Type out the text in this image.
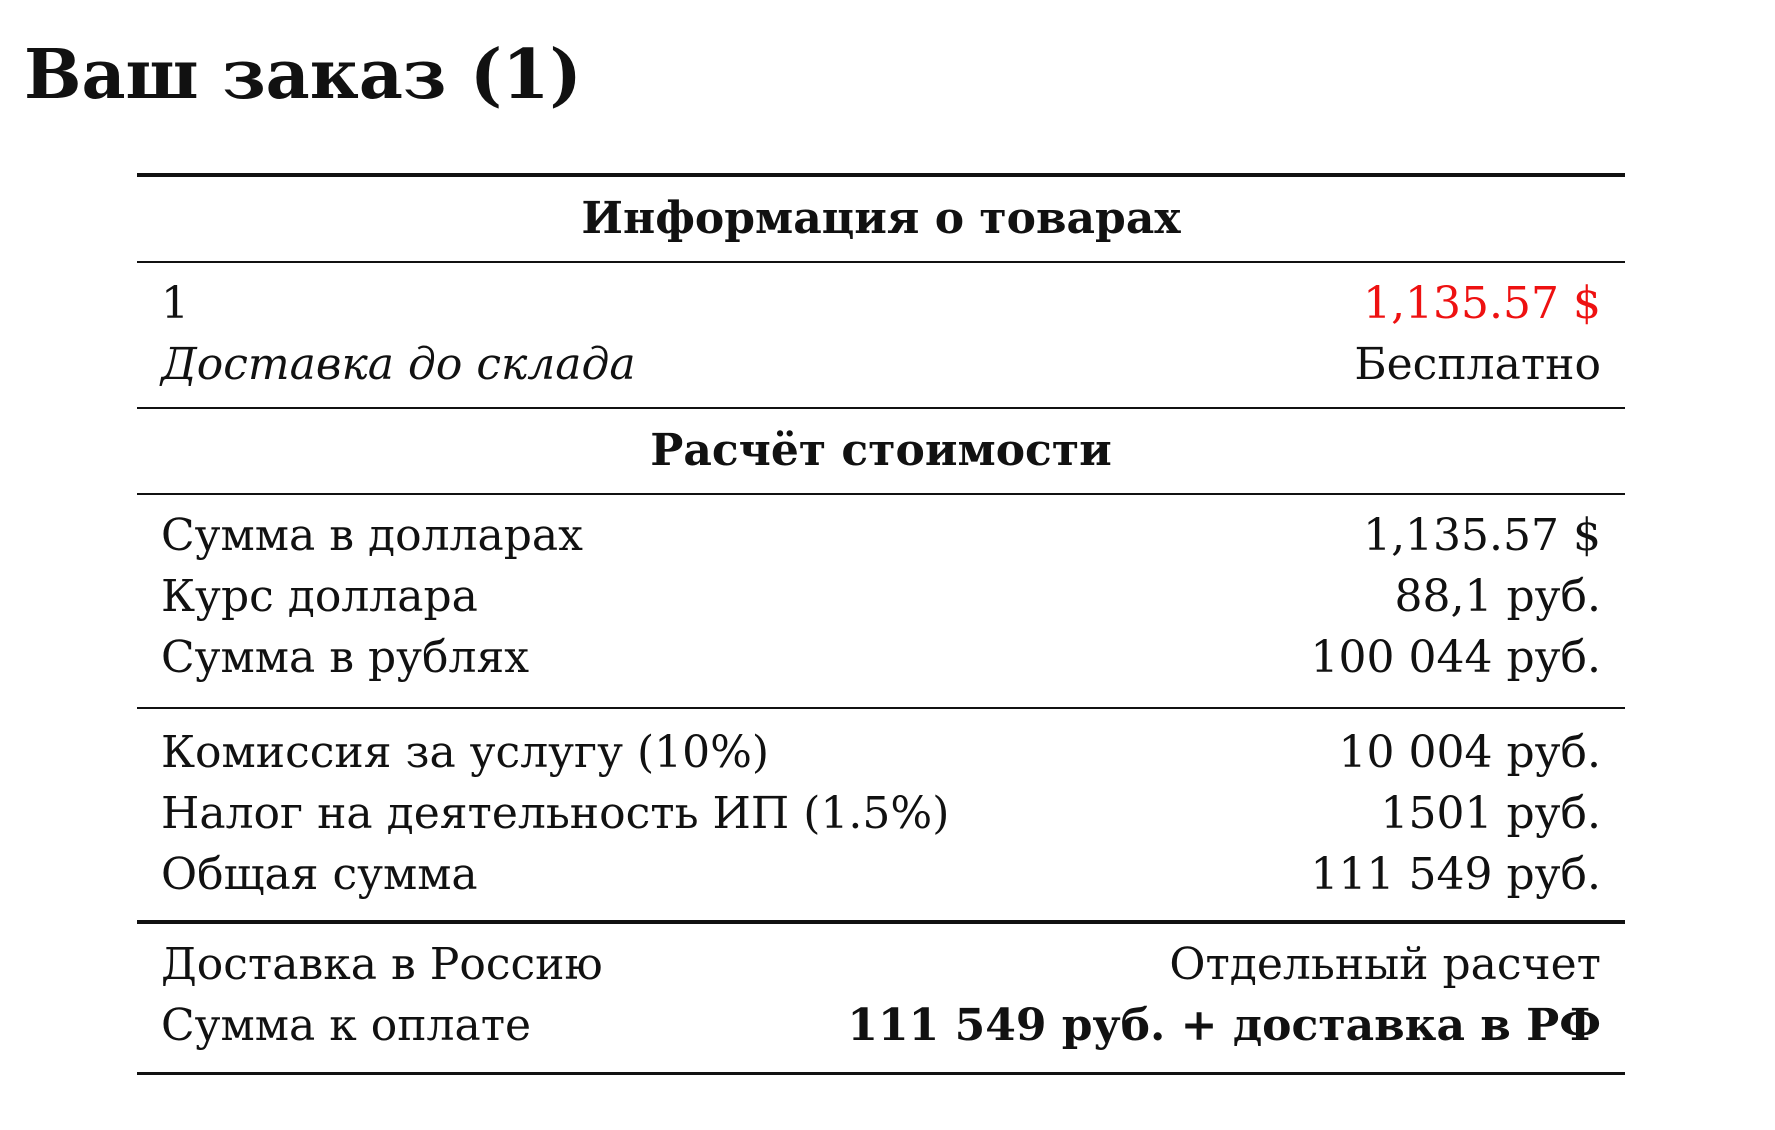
Ваш заказ (1)
Информация о товарах
1	1,135.57 $
Доставка до склада	Бесплатно
Расчёт стоимости
Сумма в долларах	1,135.57 $
Курс доллара	88,1 руб.
Сумма в рублях	100 044 руб.
Комиссия за услугу (10%)	10 004 руб.
Налог на деятельность ИП (1.5%)	1501 руб.
Общая сумма	111 549 руб.
Доставка в Россию	Отдельный расчет
Сумма к оплате	111 549 руб. + доставка в РФ
